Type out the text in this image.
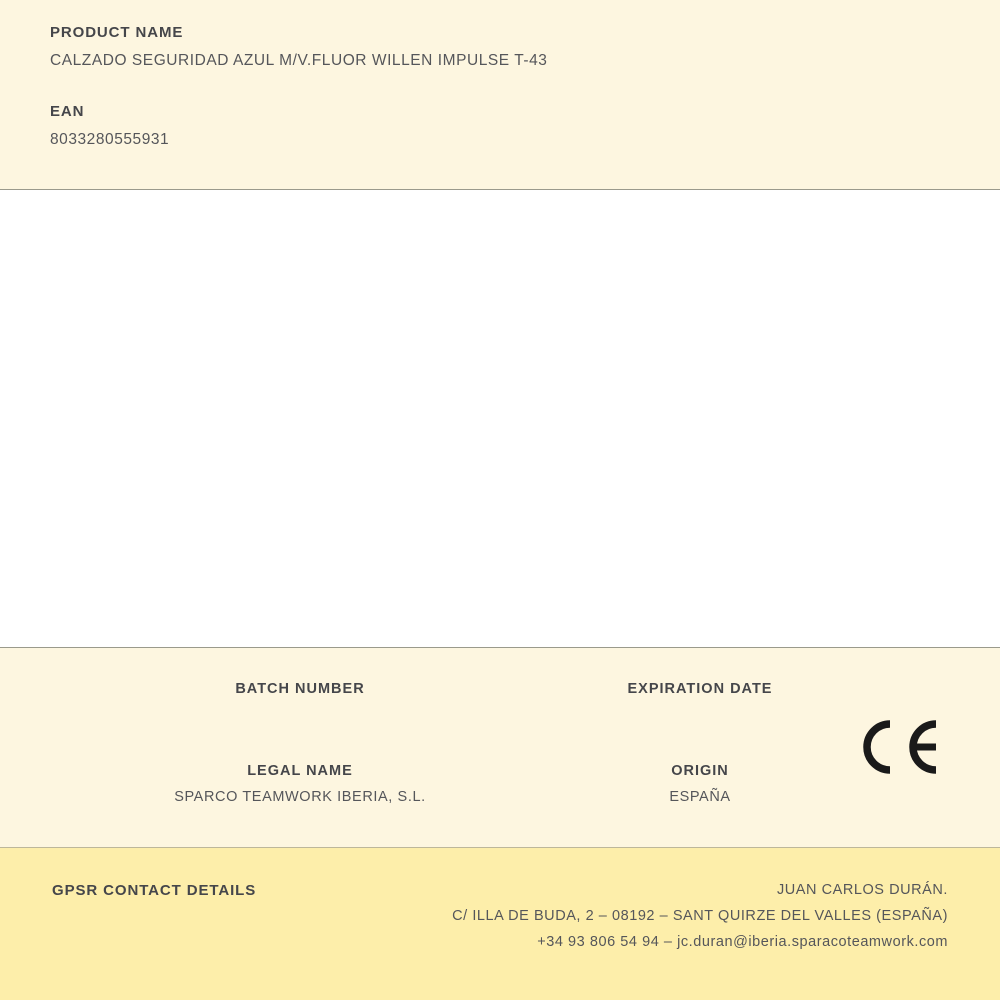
PRODUCT NAME
CALZADO SEGURIDAD AZUL M/V.FLUOR WILLEN IMPULSE T-43
EAN
8033280555931
BATCH NUMBER	EXPIRATION DATE
LEGAL NAME
SPARCO TEAMWORK IBERIA, S.L.
ORIGIN
ESPAÑA
GPSR CONTACT DETAILS	JUAN CARLOS DURÁN.
C/ ILLA DE BUDA, 2 – 08192 – SANT QUIRZE DEL VALLES (ESPAÑA)
+34 93 806 54 94 – jc.duran@iberia.sparacoteamwork.com
